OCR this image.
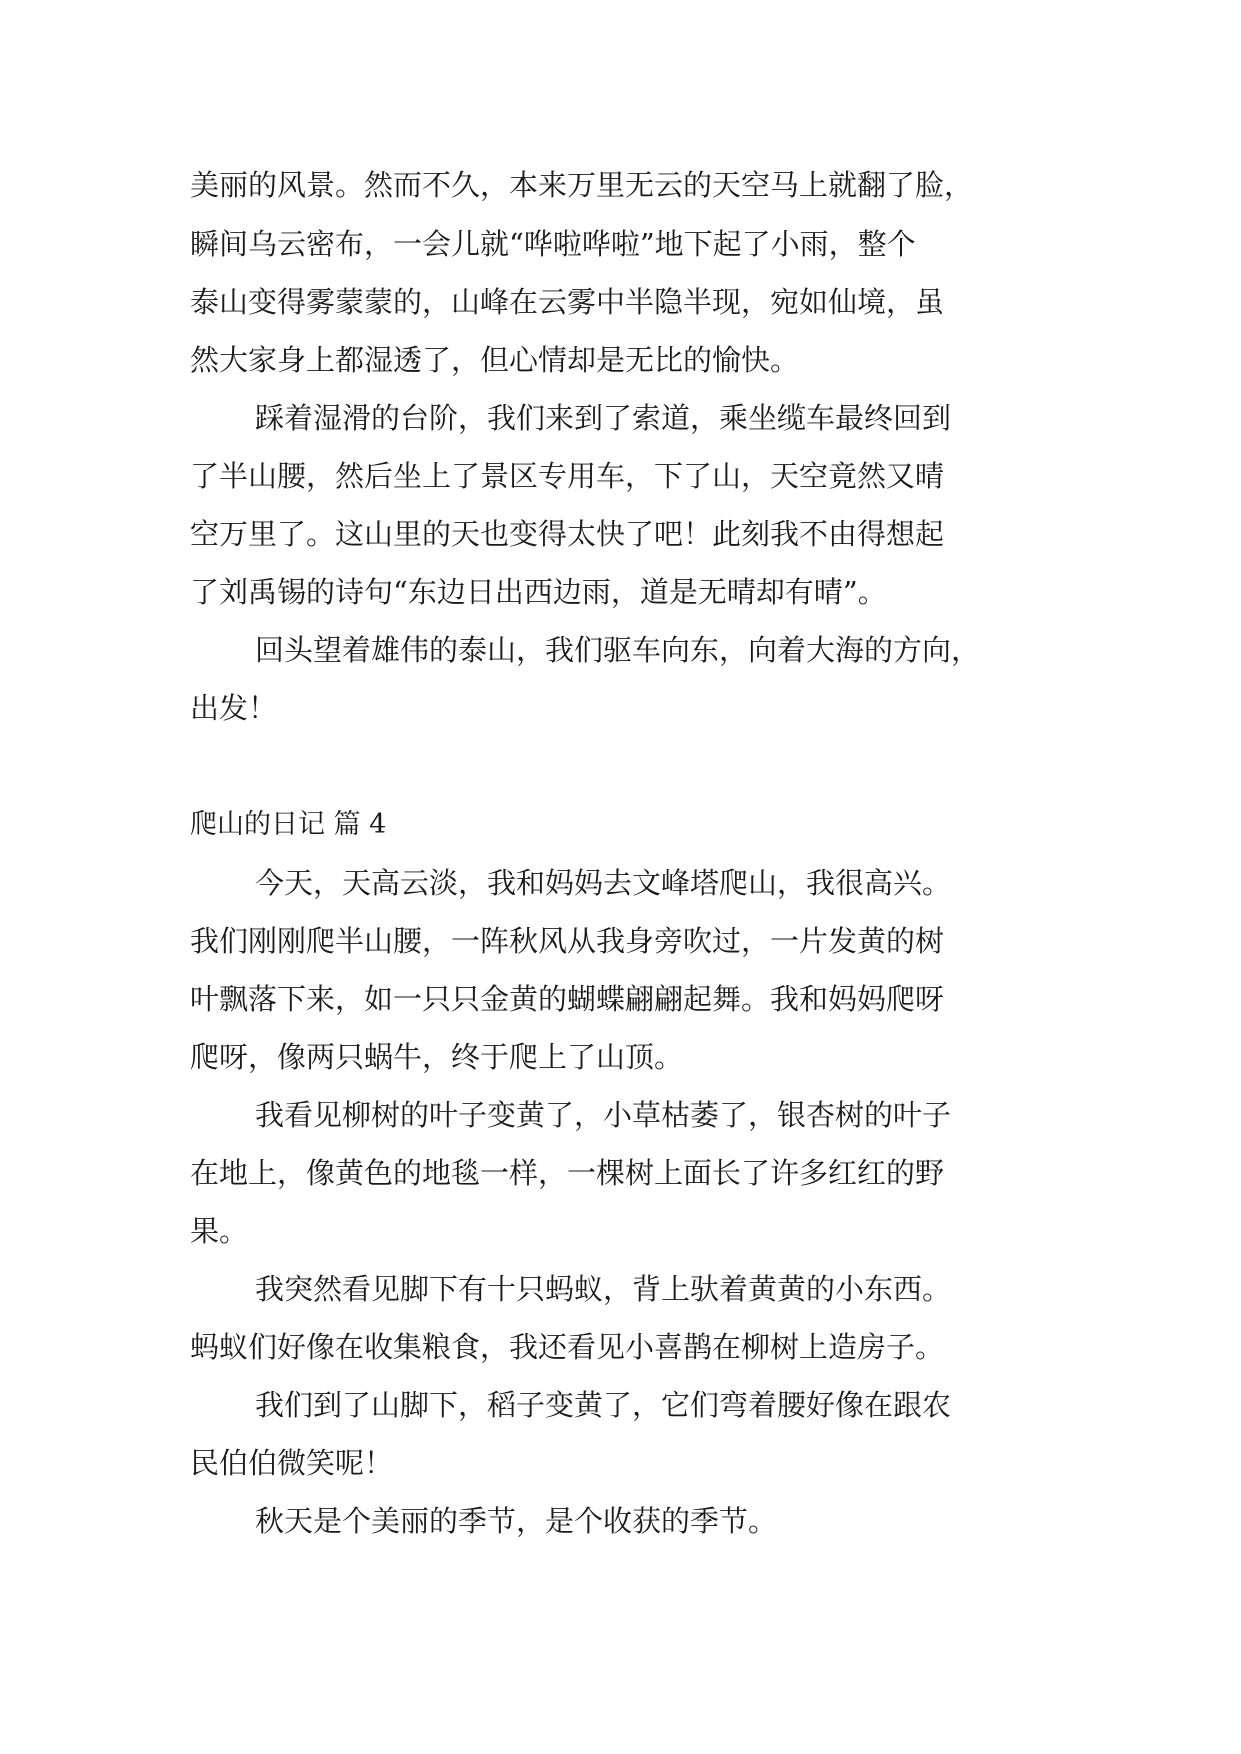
美丽的风景。然而不久，本来万里无云的天空马上就翻了脸，
瞬间乌云密布，一会儿就“哗啦哗啦”地下起了小雨，整个
泰山变得雾蒙蒙的，山峰在云雾中半隐半现，宛如仙境，虽
然大家身上都湿透了，但心情却是无比的愉快。
踩着湿滑的台阶，我们来到了索道，乘坐缆车最终回到
了半山腰，然后坐上了景区专用车，下了山，天空竟然又晴
空万里了。这山里的天也变得太快了吧！此刻我不由得想起
了刘禹锡的诗句“东边日出西边雨，道是无晴却有晴”。
回头望着雄伟的泰山，我们驱车向东，向着大海的方向，
出发！
爬山的日记 篇 4
今天，天高云淡，我和妈妈去文峰塔爬山，我很高兴。
我们刚刚爬半山腰，一阵秋风从我身旁吹过，一片发黄的树
叶飘落下来，如一只只金黄的蝴蝶翩翩起舞。我和妈妈爬呀
爬呀，像两只蜗牛，终于爬上了山顶。
我看见柳树的叶子变黄了，小草枯萎了，银杏树的叶子
在地上，像黄色的地毯一样，一棵树上面长了许多红红的野
果。
我突然看见脚下有十只蚂蚁，背上驮着黄黄的小东西。
蚂蚁们好像在收集粮食，我还看见小喜鹊在柳树上造房子。
我们到了山脚下，稻子变黄了，它们弯着腰好像在跟农
民伯伯微笑呢！
秋天是个美丽的季节，是个收获的季节。
